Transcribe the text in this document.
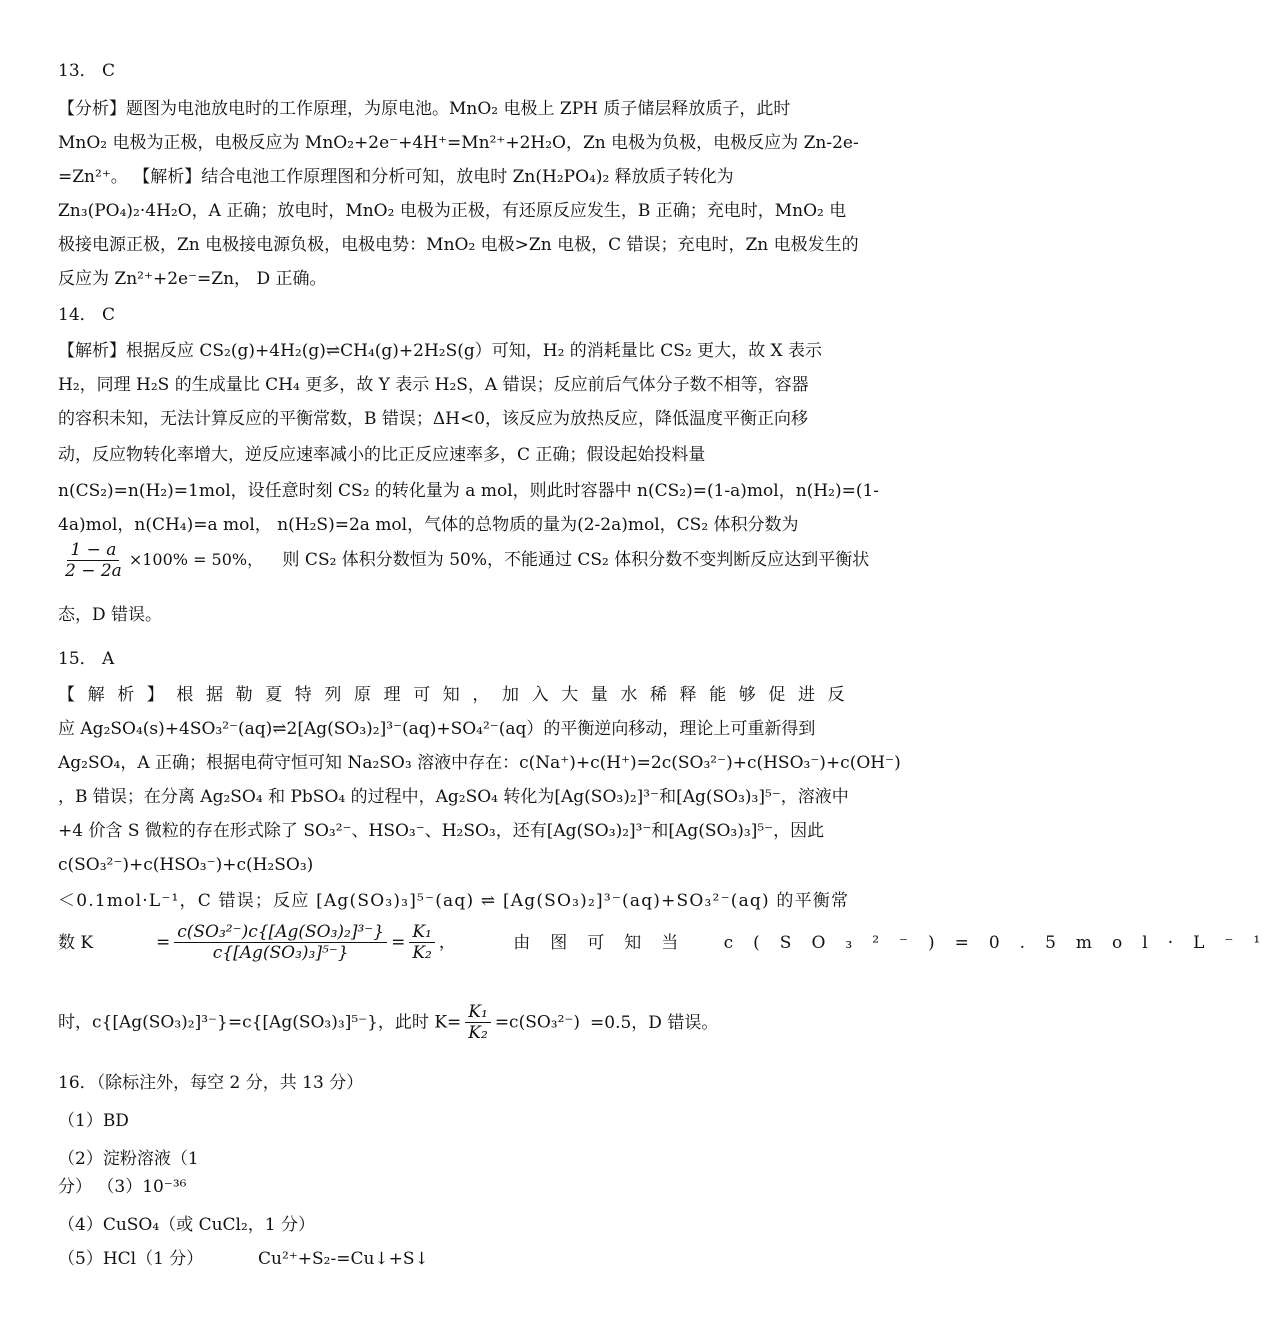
13． C
【分析】题图为电池放电时的工作原理，为原电池。MnO₂ 电极上 ZPH 质子储层释放质子，此时
MnO₂ 电极为正极，电极反应为 MnO₂+2e⁻+4H⁺=Mn²⁺+2H₂O，Zn 电极为负极，电极反应为 Zn-2e-
=Zn²⁺。 【解析】结合电池工作原理图和分析可知，放电时 Zn(H₂PO₄)₂ 释放质子转化为
Zn₃(PO₄)₂·4H₂O，A 正确；放电时，MnO₂ 电极为正极，有还原反应发生，B 正确；充电时，MnO₂ 电
极接电源正极，Zn 电极接电源负极，电极电势：MnO₂ 电极>Zn 电极，C 错误；充电时，Zn 电极发生的
反应为 Zn²⁺+2e⁻=Zn， D 正确。
14． C
【解析】根据反应 CS₂(g)+4H₂(g)⇌CH₄(g)+2H₂S(g）可知，H₂ 的消耗量比 CS₂ 更大，故 X 表示
H₂，同理 H₂S 的生成量比 CH₄ 更多，故 Y 表示 H₂S，A 错误；反应前后气体分子数不相等，容器
的容积未知，无法计算反应的平衡常数，B 错误；ΔH<0，该反应为放热反应，降低温度平衡正向移
动，反应物转化率增大，逆反应速率减小的比正反应速率多，C 正确；假设起始投料量
n(CS₂)=n(H₂)=1mol，设任意时刻 CS₂ 的转化量为 a mol，则此时容器中 n(CS₂)=(1-a)mol，n(H₂)=(1-
4a)mol，n(CH₄)=a mol， n(H₂S)=2a mol，气体的总物质的量为(2-2a)mol，CS₂ 体积分数为
$\frac{1 - a}{2 - 2a} \times 100\% = 50\%$， 则 CS₂ 体积分数恒为 50%，不能通过 CS₂ 体积分数不变判断反应达到平衡状
态，D 错误。
15． A
【解析】根据勒夏特列原理可知，加入大量水稀释能够促进反
应 Ag₂SO₄(s)+4SO₃²⁻(aq)⇌2[Ag(SO₃)₂]³⁻(aq)+SO₄²⁻(aq）的平衡逆向移动，理论上可重新得到
Ag₂SO₄，A 正确；根据电荷守恒可知 Na₂SO₃ 溶液中存在：c(Na⁺)+c(H⁺)=2c(SO₃²⁻)+c(HSO₃⁻)+c(OH⁻)
，B 错误；在分离 Ag₂SO₄ 和 PbSO₄ 的过程中，Ag₂SO₄ 转化为[Ag(SO₃)₂]³⁻和[Ag(SO₃)₃]⁵⁻，溶液中
+4 价含 S 微粒的存在形式除了 SO₃²⁻、HSO₃⁻、H₂SO₃，还有[Ag(SO₃)₂]³⁻和[Ag(SO₃)₃]⁵⁻，因此
c(SO₃²⁻)+c(HSO₃⁻)+c(H₂SO₃)
＜0.1mol·L⁻¹，C 错误；反应 [Ag(SO₃)₃]⁵⁻(aq) ⇌ [Ag(SO₃)₂]³⁻(aq)+SO₃²⁻(aq) 的平衡常
数 K	= $\frac{\text{c(SO₃²⁻)c\{[Ag(SO₃)₂]³⁻\}}}{\text{c\{[Ag(SO₃)₃]⁵⁻\}}} = \frac{\text{K₁}}{\text{K₂}}$ ，	由图可知当 c(SO₃²⁻)=0.5mol·L⁻¹
时，c{[Ag(SO₃)₂]³⁻}=c{[Ag(SO₃)₃]⁵⁻}，此时 $K= \frac{\text{K₁}}{\text{K₂}} =c(SO_3^{2-}) =0.5$，D 错误。
16．（除标注外，每空 2 分，共 13 分）
（1）BD
（2）淀粉溶液（1
分） （3）10⁻³⁶
（4）CuSO₄（或 CuCl₂，1 分）
（5）HCl（1 分）	Cu²⁺+S₂-=Cu↓+S↓
